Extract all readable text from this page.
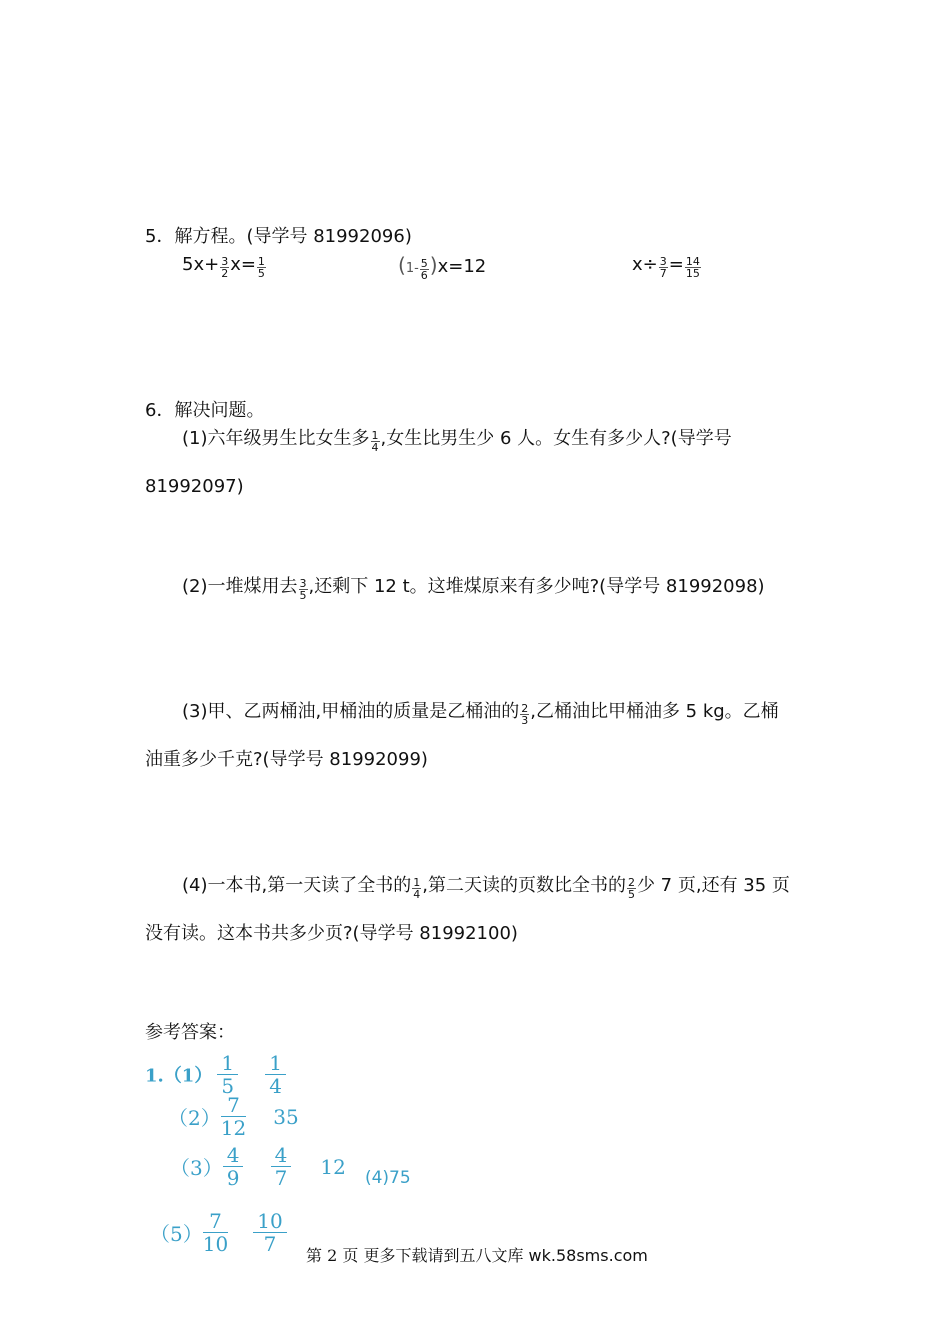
5．解方程。(导学号 81992096)
$5x+ \frac{3}{2} x= \frac{1}{5}$	$(1- \frac{5}{6} )x=12$	$x\div \frac{3}{7} = \frac{14}{15}$
6．解决问题。
(1)六年级男生比女生多 $\frac{1}{4}$ ,女生比男生少 6 人。女生有多少人?(导学号
81992097)
(2)一堆煤用去 $\frac{3}{5}$ ,还剩下 12 t。这堆煤原来有多少吨?(导学号 81992098)
(3)甲、乙两桶油,甲桶油的质量是乙桶油的 $\frac{2}{3}$ ,乙桶油比甲桶油多 5 kg。乙桶
油重多少千克?(导学号 81992099)
(4)一本书,第一天读了全书的 $\frac{1}{4}$ ,第二天读的页数比全书的 $\frac{2}{5}$ 少 7 页,还有 35 页
没有读。这本书共多少页?(导学号 81992100)
参考答案：
$1.(1) \frac{1}{5}$
$\frac{1}{4}$
$(2) \frac{7}{12} 35$
$(3) \frac{4}{9}$
$\frac{4}{7} 12$ (4)75
$(5) \frac{7}{10}$
$\frac{10}{7}$
第 2 页 更多下载请到五八文库 wk.58sms.com
